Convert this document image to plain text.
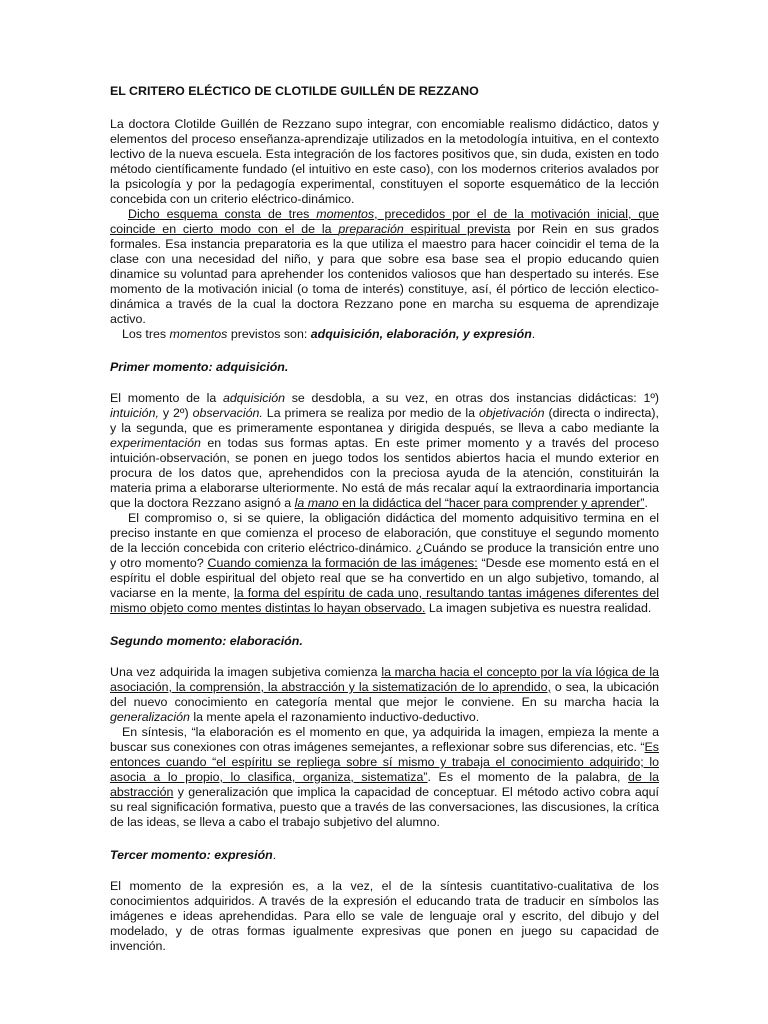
EL CRITERO ELÉCTICO DE CLOTILDE GUILLÉN DE REZZANO

La doctora Clotilde Guillén de Rezzano supo integrar, con encomiable realismo didáctico, datos y elementos del proceso enseñanza-aprendizaje utilizados en la metodología intuitiva, en el contexto lectivo de la nueva escuela. Esta integración de los factores positivos que, sin duda, existen en todo método científicamente fundado (el intuitivo en este caso), con los modernos criterios avalados por la psicología y por la pedagogía experimental, constituyen el soporte esquemático de la lección concebida con un criterio eléctrico-dinámico.

Dicho esquema consta de tres momentos, precedidos por el de la motivación inicial, que coincide en cierto modo con el de la preparación espiritual prevista por Rein en sus grados formales. Esa instancia preparatoria es la que utiliza el maestro para hacer coincidir el tema de la clase con una necesidad del niño, y para que sobre esa base sea el propio educando quien dinamice su voluntad para aprehender los contenidos valiosos que han despertado su interés. Ese momento de la motivación inicial (o toma de interés) constituye, así, él pórtico de lección electico-dinámica a través de la cual la doctora Rezzano pone en marcha su esquema de aprendizaje activo.

Los tres momentos previstos son: adquisición, elaboración, y expresión.

Primer momento: adquisición.

El momento de la adquisición se desdobla, a su vez, en otras dos instancias didácticas: 1º) intuición, y 2º) observación. La primera se realiza por medio de la objetivación (directa o indirecta), y la segunda, que es primeramente espontanea y dirigida después, se lleva a cabo mediante la experimentación en todas sus formas aptas. En este primer momento y a través del proceso intuición-observación, se ponen en juego todos los sentidos abiertos hacia el mundo exterior en procura de los datos que, aprehendidos con la preciosa ayuda de la atención, constituirán la materia prima a elaborarse ulteriormente. No está de más recalar aquí la extraordinaria importancia que la doctora Rezzano asignó a la mano en la didáctica del “hacer para comprender y aprender”.

El compromiso o, si se quiere, la obligación didáctica del momento adquisitivo termina en el preciso instante en que comienza el proceso de elaboración, que constituye el segundo momento de la lección concebida con criterio eléctrico-dinámico. ¿Cuándo se produce la transición entre uno y otro momento? Cuando comienza la formación de las imágenes: “Desde ese momento está en el espíritu el doble espiritual del objeto real que se ha convertido en un algo subjetivo, tomando, al vaciarse en la mente, la forma del espíritu de cada uno, resultando tantas imágenes diferentes del mismo objeto como mentes distintas lo hayan observado. La imagen subjetiva es nuestra realidad.

Segundo momento: elaboración.

Una vez adquirida la imagen subjetiva comienza la marcha hacia el concepto por la vía lógica de la asociación, la comprensión, la abstracción y la sistematización de lo aprendido, o sea, la ubicación del nuevo conocimiento en categoría mental que mejor le conviene. En su marcha hacia la generalización la mente apela el razonamiento inductivo-deductivo.

En síntesis, “la elaboración es el momento en que, ya adquirida la imagen, empieza la mente a buscar sus conexiones con otras imágenes semejantes, a reflexionar sobre sus diferencias, etc. “Es entonces cuando “el espíritu se repliega sobre sí mismo y trabaja el conocimiento adquirido; lo asocia a lo propio, lo clasifica, organiza, sistematiza”. Es el momento de la palabra, de la abstracción y generalización que implica la capacidad de conceptuar. El método activo cobra aquí su real significación formativa, puesto que a través de las conversaciones, las discusiones, la crítica de las ideas, se lleva a cabo el trabajo subjetivo del alumno.

Tercer momento: expresión.

El momento de la expresión es, a la vez, el de la síntesis cuantitativo-cualitativa de los conocimientos adquiridos. A través de la expresión el educando trata de traducir en símbolos las imágenes e ideas aprehendidas. Para ello se vale de lenguaje oral y escrito, del dibujo y del modelado, y de otras formas igualmente expresivas que ponen en juego su capacidad de invención.
